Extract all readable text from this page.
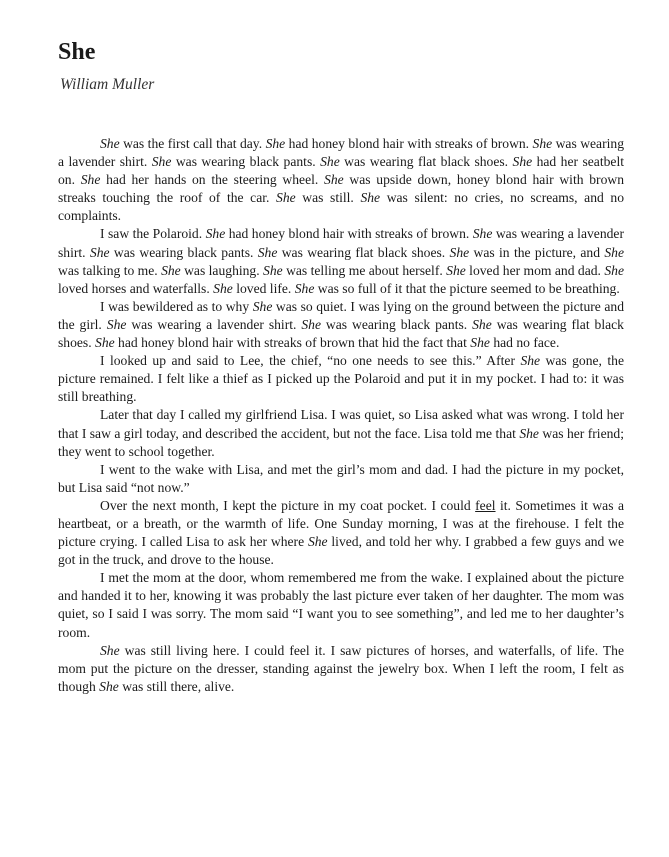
She
William Muller

She was the first call that day. She had honey blond hair with streaks of brown. She was wearing a lavender shirt. She was wearing black pants. She was wearing flat black shoes. She had her seatbelt on. She had her hands on the steering wheel. She was upside down, honey blond hair with brown streaks touching the roof of the car. She was still. She was silent: no cries, no screams, and no complaints.

I saw the Polaroid. She had honey blond hair with streaks of brown. She was wearing a lavender shirt. She was wearing black pants. She was wearing flat black shoes. She was in the picture, and She was talking to me. She was laughing. She was telling me about herself. She loved her mom and dad. She loved horses and waterfalls. She loved life. She was so full of it that the picture seemed to be breathing.

I was bewildered as to why She was so quiet. I was lying on the ground between the picture and the girl. She was wearing a lavender shirt. She was wearing black pants. She was wearing flat black shoes. She had honey blond hair with streaks of brown that hid the fact that She had no face.

I looked up and said to Lee, the chief, “no one needs to see this.” After She was gone, the picture remained. I felt like a thief as I picked up the Polaroid and put it in my pocket. I had to: it was still breathing.

Later that day I called my girlfriend Lisa. I was quiet, so Lisa asked what was wrong. I told her that I saw a girl today, and described the accident, but not the face. Lisa told me that She was her friend; they went to school together.

I went to the wake with Lisa, and met the girl’s mom and dad. I had the picture in my pocket, but Lisa said “not now.”

Over the next month, I kept the picture in my coat pocket. I could feel it. Sometimes it was a heartbeat, or a breath, or the warmth of life. One Sunday morning, I was at the firehouse. I felt the picture crying. I called Lisa to ask her where She lived, and told her why. I grabbed a few guys and we got in the truck, and drove to the house.

I met the mom at the door, whom remembered me from the wake. I explained about the picture and handed it to her, knowing it was probably the last picture ever taken of her daughter. The mom was quiet, so I said I was sorry. The mom said “I want you to see something”, and led me to her daughter’s room.

She was still living here. I could feel it. I saw pictures of horses, and waterfalls, of life. The mom put the picture on the dresser, standing against the jewelry box. When I left the room, I felt as though She was still there, alive.
